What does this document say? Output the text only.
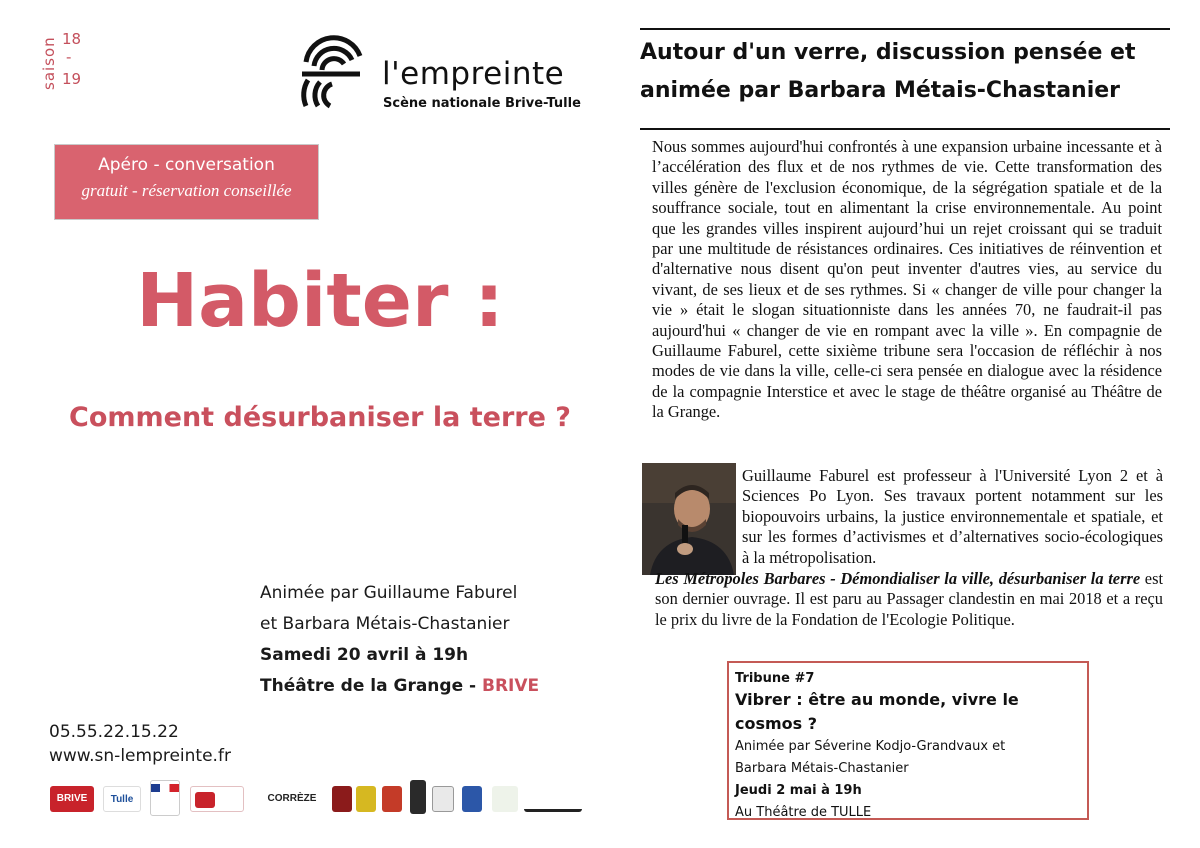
saison 18
-
19	l'empreinte
Scène nationale Brive-Tulle
Apéro - conversation
gratuit - réservation conseillée
Habiter :
Comment désurbaniser la terre ?
Animée par Guillaume Faburel
et Barbara Métais-Chastanier
Samedi 20 avril à 19h
Théâtre de la Grange - BRIVE
05.55.22.15.22
www.sn-lempreinte.fr
BRIVE	Tulle	CORRÈZE
Autour d'un verre, discussion pensée et animée par Barbara Métais-Chastanier
Nous sommes aujourd'hui confrontés à une expansion urbaine incessante et à l’accélération des flux et de nos rythmes de vie. Cette transformation des villes génère de l'exclusion économique, de la ségrégation spatiale et de la souffrance sociale, tout en alimentant la crise environnementale. Au point que les grandes villes inspirent aujourd’hui un rejet croissant qui se traduit par une multitude de résistances ordinaires. Ces initiatives de réinvention et d'alternative nous disent qu'on peut inventer d'autres vies, au service du vivant, de ses lieux et de ses rythmes. Si « changer de ville pour changer la vie » était le slogan situationniste dans les années 70, ne faudrait-il pas aujourd'hui « changer de vie en rompant avec la ville ». En compagnie de Guillaume Faburel, cette sixième tribune sera l'occasion de réfléchir à nos modes de vie dans la ville, celle-ci sera pensée en dialogue avec la résidence de la compagnie Interstice et avec le stage de théâtre organisé au Théâtre de la Grange.
Guillaume Faburel est professeur à l'Université Lyon 2 et à Sciences Po Lyon. Ses travaux portent notamment sur les biopouvoirs urbains, la justice environnementale et spatiale, et sur les formes d’activismes et d’alternatives socio-écologiques à la métropolisation.
Les Métropoles Barbares - Démondialiser la ville, désurbaniser la terre est son dernier ouvrage. Il est paru au Passager clandestin en mai 2018 et a reçu le prix du livre de la Fondation de l'Ecologie Politique.
Tribune #7
Vibrer : être au monde, vivre le cosmos ?
Animée par Séverine Kodjo-Grandvaux et
Barbara Métais-Chastanier
Jeudi 2 mai à 19h
Au Théâtre de TULLE
